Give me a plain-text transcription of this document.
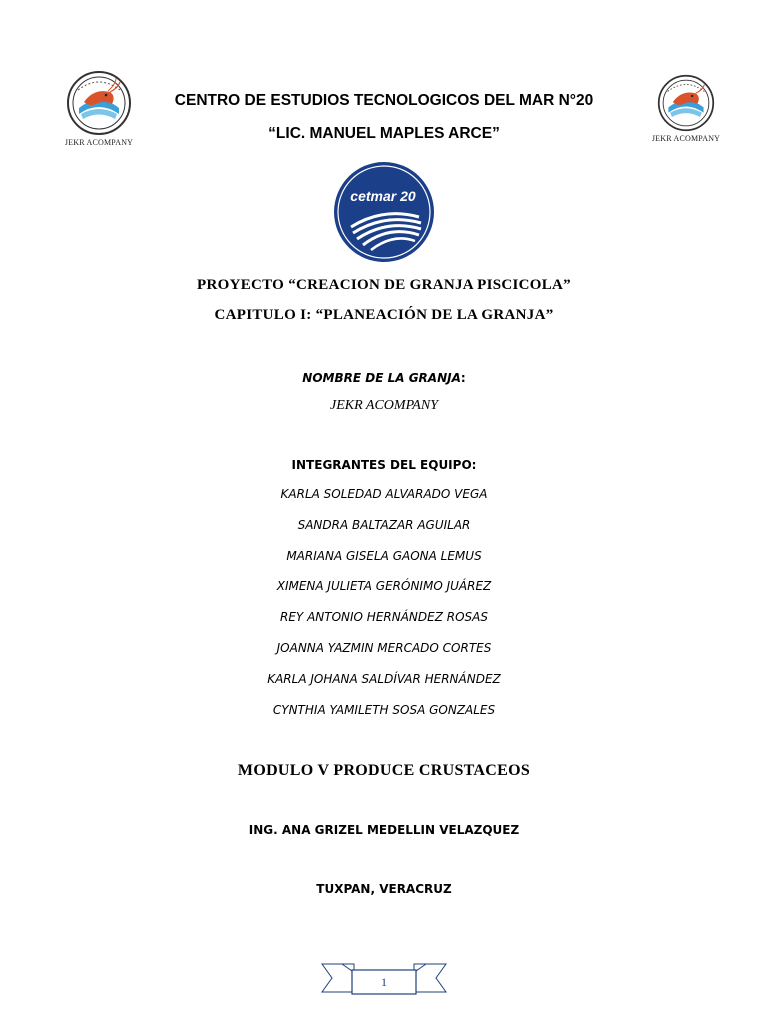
JEKR ACOMPANY	JEKR ACOMPANY
CENTRO DE ESTUDIOS TECNOLOGICOS DEL MAR N°20
“LIC. MANUEL MAPLES ARCE”
cetmar 20
PROYECTO “CREACION DE GRANJA PISCICOLA”
CAPITULO I: “PLANEACIÓN DE LA GRANJA”
NOMBRE DE LA GRANJA:
JEKR ACOMPANY
INTEGRANTES DEL EQUIPO:
KARLA SOLEDAD ALVARADO VEGA
SANDRA BALTAZAR AGUILAR
MARIANA GISELA GAONA LEMUS
XIMENA JULIETA GERÓNIMO JUÁREZ
REY ANTONIO HERNÁNDEZ ROSAS
JOANNA YAZMIN MERCADO CORTES
KARLA JOHANA SALDÍVAR HERNÁNDEZ
CYNTHIA YAMILETH SOSA GONZALES
MODULO V PRODUCE CRUSTACEOS
ING. ANA GRIZEL MEDELLIN VELAZQUEZ
TUXPAN, VERACRUZ
1
